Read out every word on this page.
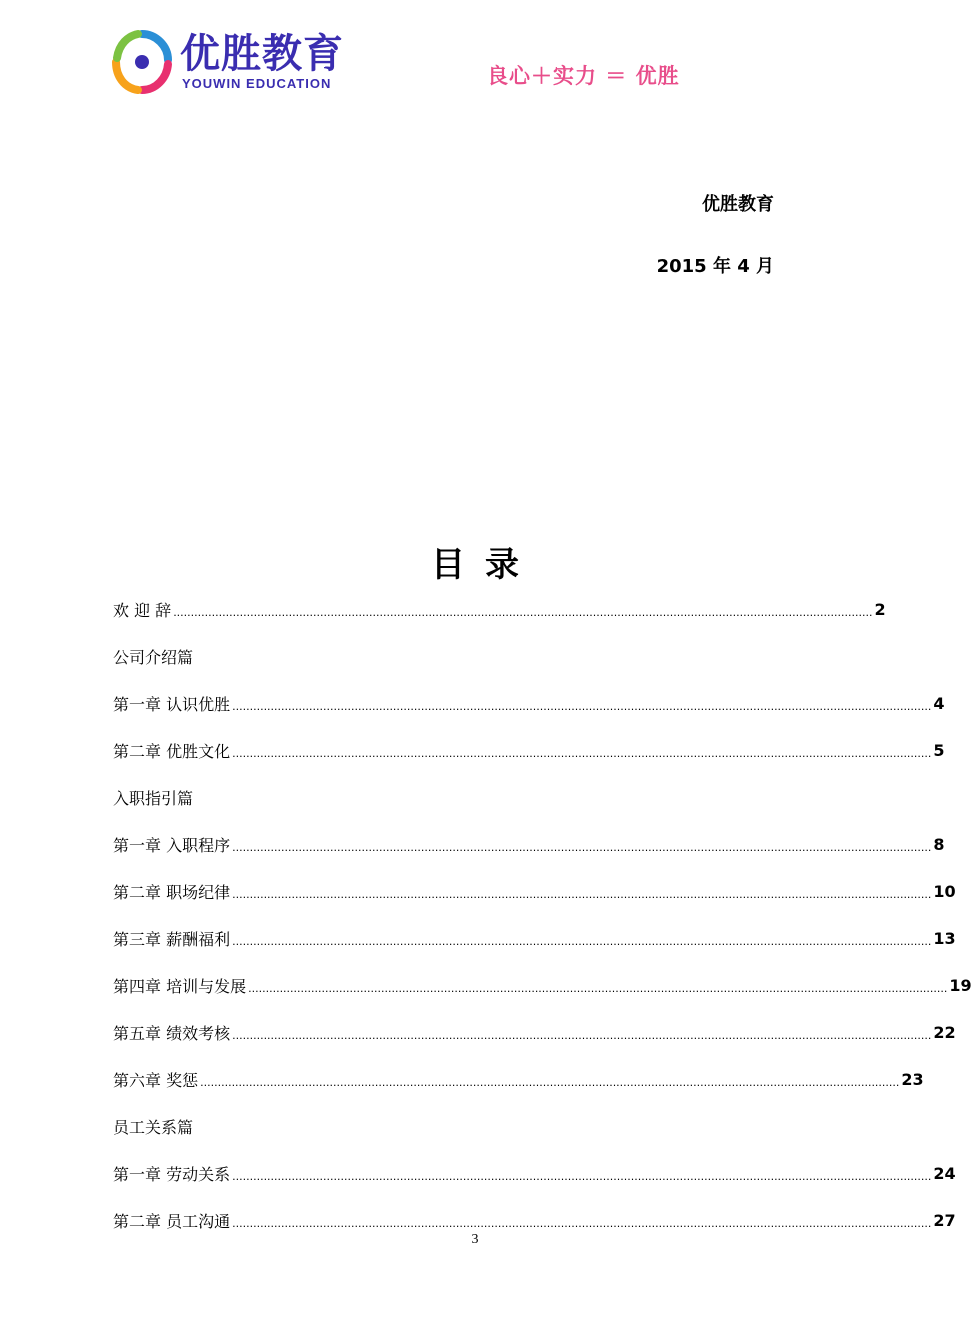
优胜教育
YOUWIN EDUCATION	良心＋实力 ＝ 优胜
优胜教育
2015 年 4 月
目录
欢 迎 辞 ........................................................................................................................................................................................................ 2
公司介绍篇
第一章 认识优胜 ........................................................................................................................................................................................................ 4
第二章 优胜文化 ........................................................................................................................................................................................................ 5
入职指引篇
第一章 入职程序 ........................................................................................................................................................................................................ 8
第二章 职场纪律 ........................................................................................................................................................................................................ 10
第三章 薪酬福利 ........................................................................................................................................................................................................ 13
第四章 培训与发展 ........................................................................................................................................................................................................ 19
第五章 绩效考核 ........................................................................................................................................................................................................ 22
第六章 奖惩 ........................................................................................................................................................................................................ 23
员工关系篇
第一章 劳动关系 ........................................................................................................................................................................................................ 24
第二章 员工沟通 ........................................................................................................................................................................................................ 27
3
